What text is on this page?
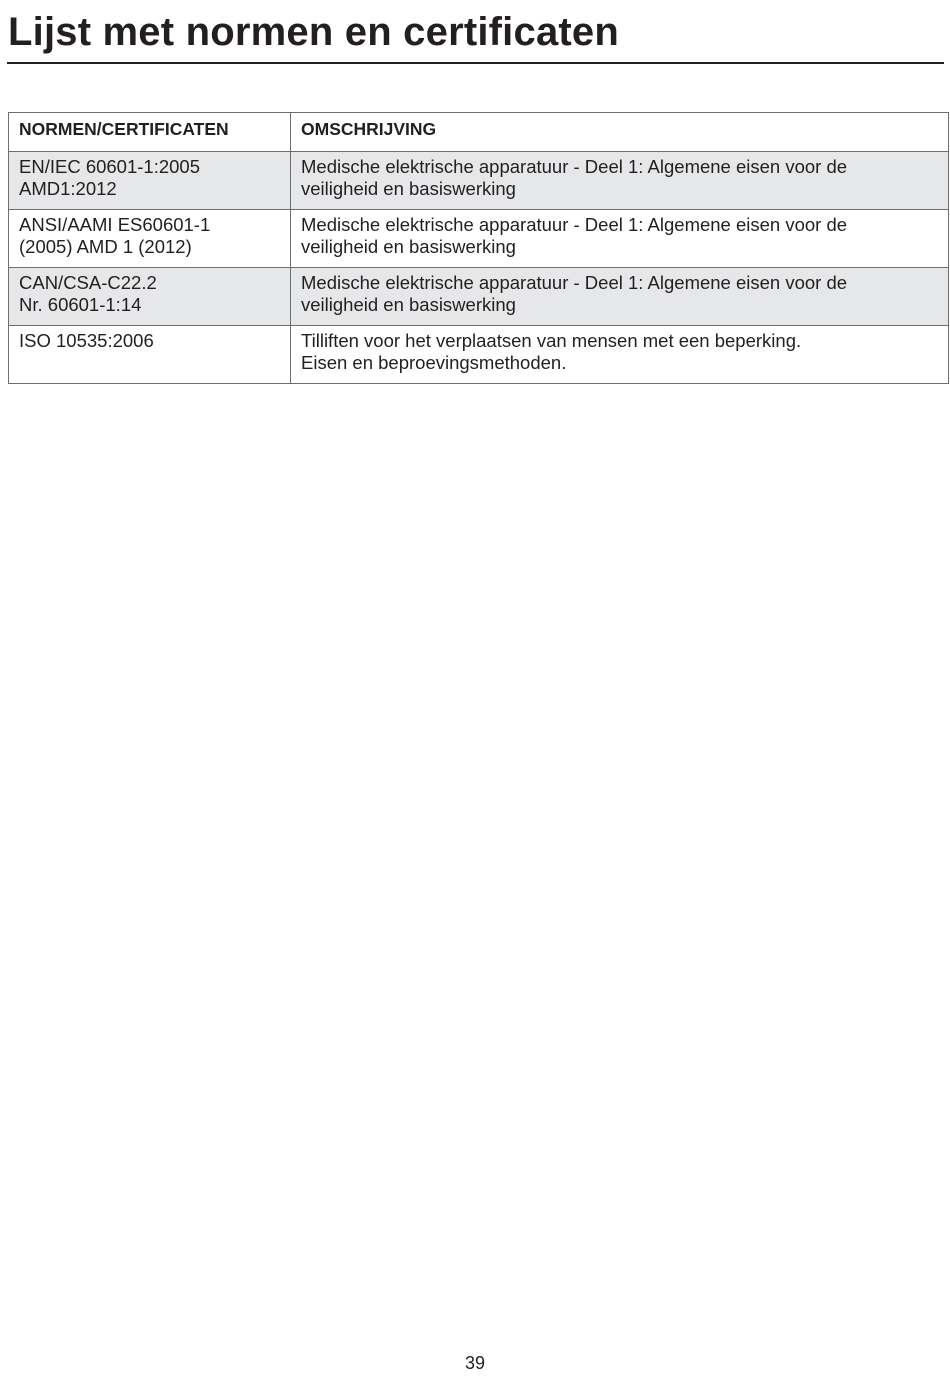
Lijst met normen en certificaten
NORMEN/CERTIFICATEN	OMSCHRIJVING

EN/IEC 60601-1:2005
AMD1:2012	Medische elektrische apparatuur - Deel 1: Algemene eisen voor de
veiligheid en basiswerking

ANSI/AAMI ES60601-1
(2005) AMD 1 (2012)	Medische elektrische apparatuur - Deel 1: Algemene eisen voor de
veiligheid en basiswerking

CAN/CSA-C22.2
Nr. 60601-1:14	Medische elektrische apparatuur - Deel 1: Algemene eisen voor de
veiligheid en basiswerking

ISO 10535:2006	Tilliften voor het verplaatsen van mensen met een beperking.
Eisen en beproevingsmethoden.
39
